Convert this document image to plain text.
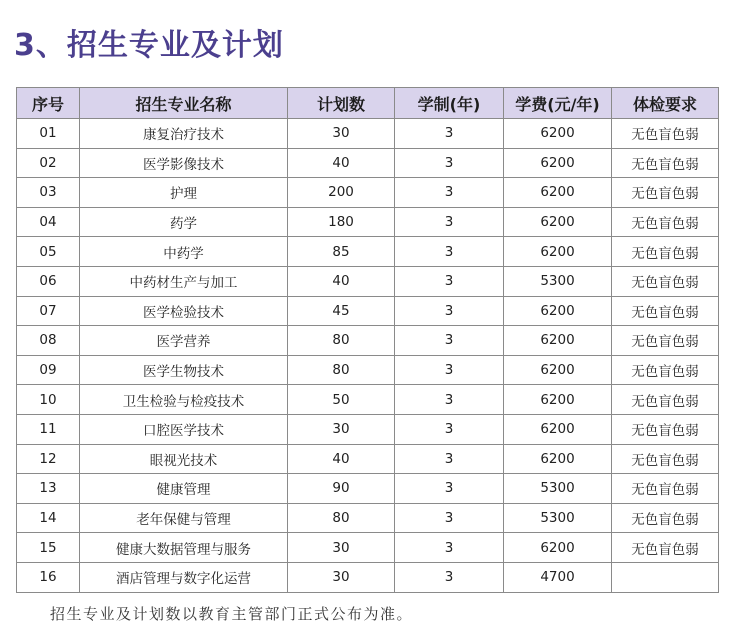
3、招生专业及计划
序号	招生专业名称	计划数	学制(年)	学费(元/年)	体检要求
01	康复治疗技术	30	3	6200	无色盲色弱
02	医学影像技术	40	3	6200	无色盲色弱
03	护理	200	3	6200	无色盲色弱
04	药学	180	3	6200	无色盲色弱
05	中药学	85	3	6200	无色盲色弱
06	中药材生产与加工	40	3	5300	无色盲色弱
07	医学检验技术	45	3	6200	无色盲色弱
08	医学营养	80	3	6200	无色盲色弱
09	医学生物技术	80	3	6200	无色盲色弱
10	卫生检验与检疫技术	50	3	6200	无色盲色弱
11	口腔医学技术	30	3	6200	无色盲色弱
12	眼视光技术	40	3	6200	无色盲色弱
13	健康管理	90	3	5300	无色盲色弱
14	老年保健与管理	80	3	5300	无色盲色弱
15	健康大数据管理与服务	30	3	6200	无色盲色弱
16	酒店管理与数字化运营	30	3	4700	
招生专业及计划数以教育主管部门正式公布为准。
